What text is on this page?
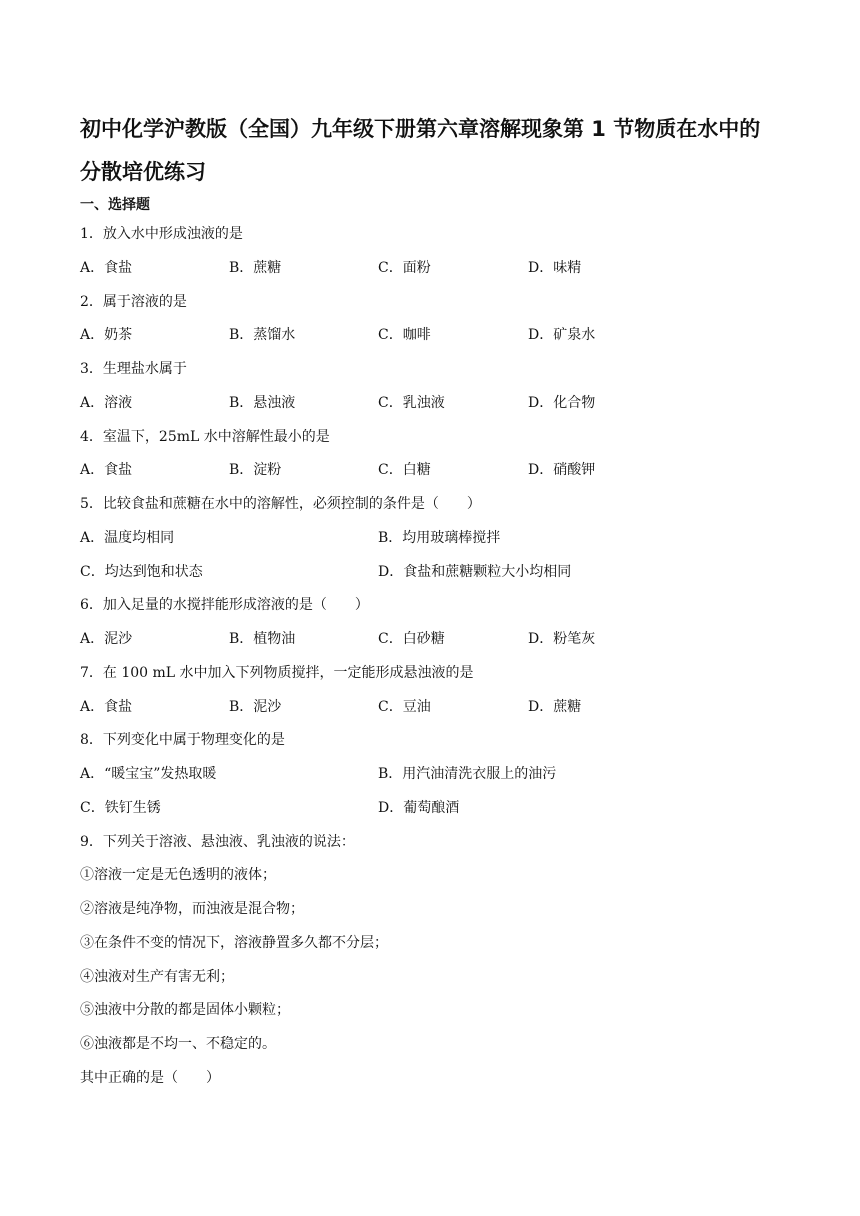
初中化学沪教版（全国）九年级下册第六章溶解现象第 1 节物质在水中的
分散培优练习
一、选择题
1．放入水中形成浊液的是
A．食盐	B．蔗糖	C．面粉	D．味精
2．属于溶液的是
A．奶茶	B．蒸馏水	C．咖啡	D．矿泉水
3．生理盐水属于
A．溶液	B．悬浊液	C．乳浊液	D．化合物
4．室温下，25mL 水中溶解性最小的是
A．食盐	B．淀粉	C．白糖	D．硝酸钾
5．比较食盐和蔗糖在水中的溶解性，必须控制的条件是（　　）
A．温度均相同	B．均用玻璃棒搅拌
C．均达到饱和状态	D．食盐和蔗糖颗粒大小均相同
6．加入足量的水搅拌能形成溶液的是（　　）
A．泥沙	B．植物油	C．白砂糖	D．粉笔灰
7．在 100 mL 水中加入下列物质搅拌，一定能形成悬浊液的是
A．食盐	B．泥沙	C．豆油	D．蔗糖
8．下列变化中属于物理变化的是
A．“暖宝宝”发热取暖	B．用汽油清洗衣服上的油污
C．铁钉生锈	D．葡萄酿酒
9．下列关于溶液、悬浊液、乳浊液的说法：
①溶液一定是无色透明的液体；
②溶液是纯净物，而浊液是混合物；
③在条件不变的情况下，溶液静置多久都不分层；
④浊液对生产有害无利；
⑤浊液中分散的都是固体小颗粒；
⑥浊液都是不均一、不稳定的。
其中正确的是（　　）
